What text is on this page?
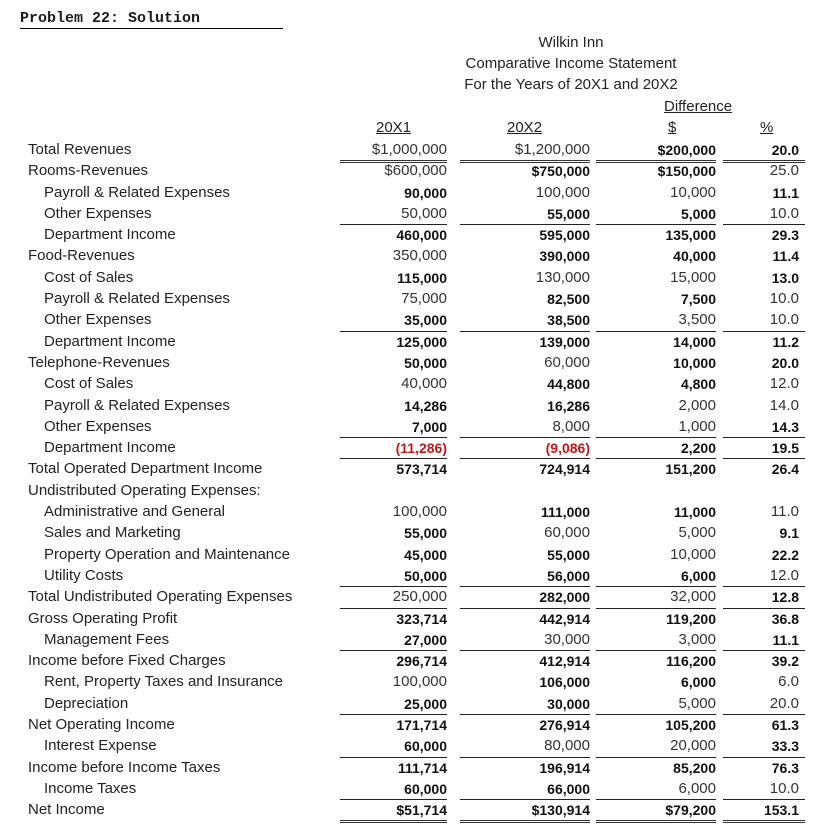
Problem 22: Solution
Wilkin Inn
Comparative Income Statement
For the Years of 20X1 and 20X2
Difference
20X1	20X2	$	%
Total Revenues	$1,000,000	$1,200,000	$200,000	20.0
Rooms-Revenues	$600,000	$750,000	$150,000	25.0
Payroll & Related Expenses	90,000	100,000	10,000	11.1
Other Expenses	50,000	55,000	5,000	10.0
Department Income	460,000	595,000	135,000	29.3
Food-Revenues	350,000	390,000	40,000	11.4
Cost of Sales	115,000	130,000	15,000	13.0
Payroll & Related Expenses	75,000	82,500	7,500	10.0
Other Expenses	35,000	38,500	3,500	10.0
Department Income	125,000	139,000	14,000	11.2
Telephone-Revenues	50,000	60,000	10,000	20.0
Cost of Sales	40,000	44,800	4,800	12.0
Payroll & Related Expenses	14,286	16,286	2,000	14.0
Other Expenses	7,000	8,000	1,000	14.3
Department Income	(11,286)	(9,086)	2,200	19.5
Total Operated Department Income	573,714	724,914	151,200	26.4
Undistributed Operating Expenses:
Administrative and General	100,000	111,000	11,000	11.0
Sales and Marketing	55,000	60,000	5,000	9.1
Property Operation and Maintenance	45,000	55,000	10,000	22.2
Utility Costs	50,000	56,000	6,000	12.0
Total Undistributed Operating Expenses	250,000	282,000	32,000	12.8
Gross Operating Profit	323,714	442,914	119,200	36.8
Management Fees	27,000	30,000	3,000	11.1
Income before Fixed Charges	296,714	412,914	116,200	39.2
Rent, Property Taxes and Insurance	100,000	106,000	6,000	6.0
Depreciation	25,000	30,000	5,000	20.0
Net Operating Income	171,714	276,914	105,200	61.3
Interest Expense	60,000	80,000	20,000	33.3
Income before Income Taxes	111,714	196,914	85,200	76.3
Income Taxes	60,000	66,000	6,000	10.0
Net Income	$51,714	$130,914	$79,200	153.1
